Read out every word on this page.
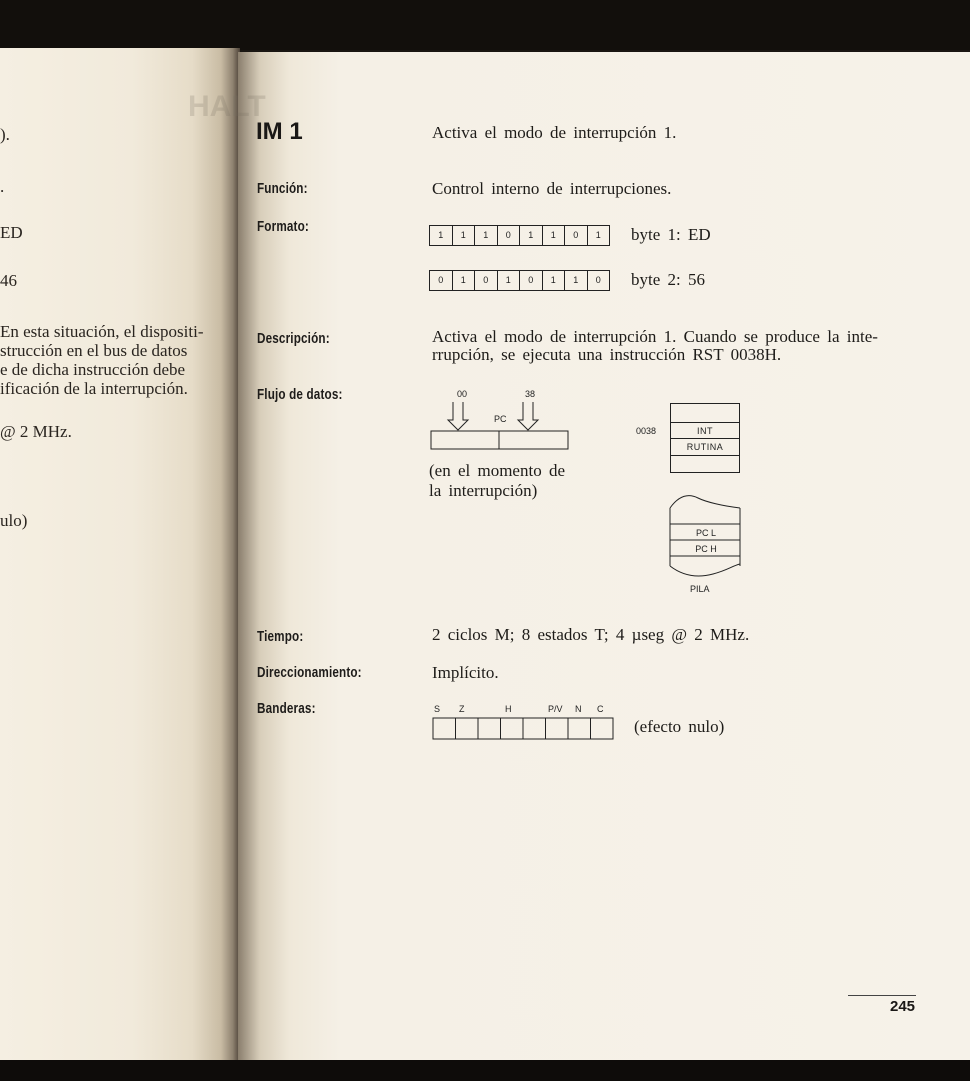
).
.
ED
46
En esta situación, el dispositi-
strucción en el bus de datos
e de dicha instrucción debe
ificación de la interrupción.
@ 2 MHz.
ulo)
HALT
IM 1	Activa el modo de interrupción 1.
Función:	Control interno de interrupciones.
Formato:	1	1	1	0	1	1	0	1	byte 1: ED
0	1	0	1	0	1	1	0	byte 2: 56
Descripción:	Activa el modo de interrupción 1. Cuando se produce la inte-
rrupción, se ejecuta una instrucción RST 0038H.
Flujo de datos:	00	38
PC
(en el momento de
la interrupción)
0038	INT
RUTINA
PC L
PC H
PILA
Tiempo:	2 ciclos M; 8 estados T; 4 µseg @ 2 MHz.
Direccionamiento:	Implícito.
Banderas:	S Z	H	P/V N C
(efecto nulo)
245
